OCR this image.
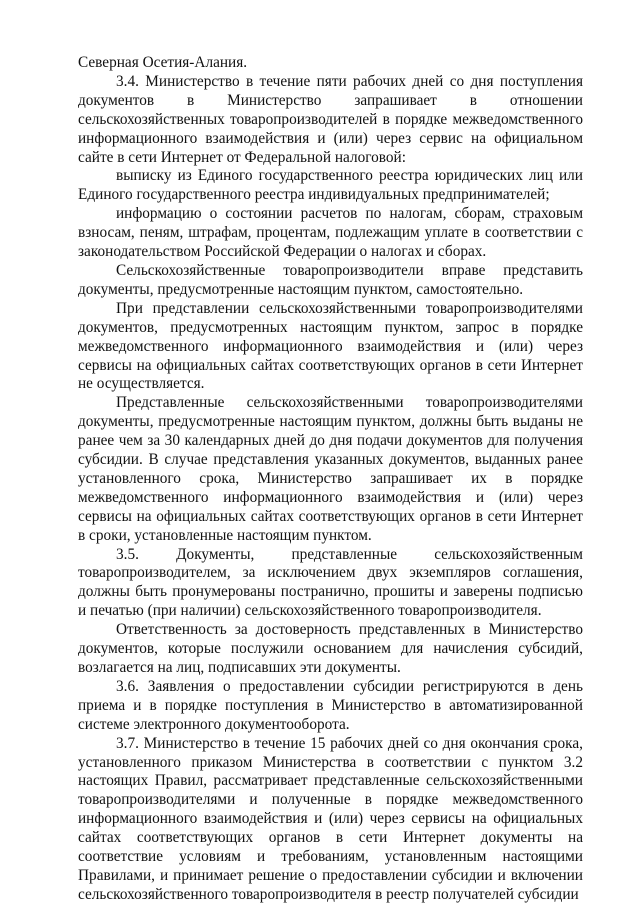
Северная Осетия-Алания.

3.4. Министерство в течение пяти рабочих дней со дня поступления документов в Министерство запрашивает в отношении сельскохозяйственных товаропроизводителей в порядке межведомственного информационного взаимодействия и (или) через сервис на официальном сайте в сети Интернет от Федеральной налоговой:

выписку из Единого государственного реестра юридических лиц или Единого государственного реестра индивидуальных предпринимателей;

информацию о состоянии расчетов по налогам, сборам, страховым взносам, пеням, штрафам, процентам, подлежащим уплате в соответствии с законодательством Российской Федерации о налогах и сборах.

Сельскохозяйственные товаропроизводители вправе представить документы, предусмотренные настоящим пунктом, самостоятельно.

При представлении сельскохозяйственными товаропроизводителями документов, предусмотренных настоящим пунктом, запрос в порядке межведомственного информационного взаимодействия и (или) через сервисы на официальных сайтах соответствующих органов в сети Интернет не осуществляется.

Представленные сельскохозяйственными товаропроизводителями документы, предусмотренные настоящим пунктом, должны быть выданы не ранее чем за 30 календарных дней до дня подачи документов для получения субсидии. В случае представления указанных документов, выданных ранее установленного срока, Министерство запрашивает их в порядке межведомственного информационного взаимодействия и (или) через сервисы на официальных сайтах соответствующих органов в сети Интернет в сроки, установленные настоящим пунктом.

3.5. Документы, представленные сельскохозяйственным товаропроизводителем, за исключением двух экземпляров соглашения, должны быть пронумерованы постранично, прошиты и заверены подписью и печатью (при наличии) сельскохозяйственного товаропроизводителя.

Ответственность за достоверность представленных в Министерство документов, которые послужили основанием для начисления субсидий, возлагается на лиц, подписавших эти документы.

3.6. Заявления о предоставлении субсидии регистрируются в день приема и в порядке поступления в Министерство в автоматизированной системе электронного документооборота.

3.7. Министерство в течение 15 рабочих дней со дня окончания срока, установленного приказом Министерства в соответствии с пунктом 3.2 настоящих Правил, рассматривает представленные сельскохозяйственными товаропроизводителями и полученные в порядке межведомственного информационного взаимодействия и (или) через сервисы на официальных сайтах соответствующих органов в сети Интернет документы на соответствие условиям и требованиям, установленным настоящими Правилами, и принимает решение о предоставлении субсидии и включении сельскохозяйственного товаропроизводителя в реестр получателей субсидии
